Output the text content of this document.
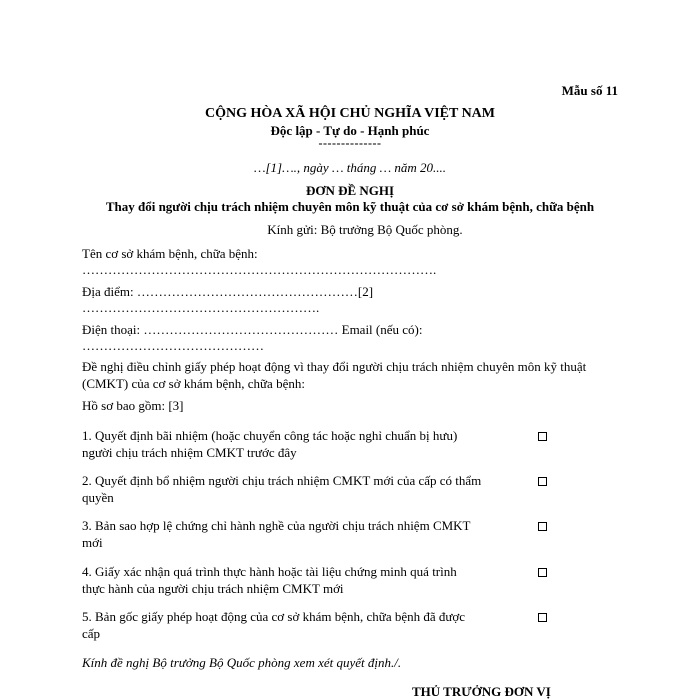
Mẫu số 11
CỘNG HÒA XÃ HỘI CHỦ NGHĨA VIỆT NAM
Độc lập - Tự do - Hạnh phúc
--------------
…[1]…., ngày … tháng … năm 20....
ĐƠN ĐỀ NGHỊ
Thay đổi người chịu trách nhiệm chuyên môn kỹ thuật của cơ sở khám bệnh, chữa bệnh
Kính gửi: Bộ trưởng Bộ Quốc phòng.
Tên cơ sở khám bệnh, chữa bệnh:
……………………………………………………………………….
Địa điểm: ……………………………………………[2]
……………………………………………….
Điện thoại: ……………………………………… Email (nếu có):
……………………………………
Đề nghị điều chỉnh giấy phép hoạt động vì thay đổi người chịu trách nhiệm chuyên môn kỹ thuật
(CMKT) của cơ sở khám bệnh, chữa bệnh:
Hồ sơ bao gồm: [3]
1. Quyết định bãi nhiệm (hoặc chuyển công tác hoặc nghỉ chuẩn bị hưu) người chịu trách nhiệm CMKT trước đây
2. Quyết định bổ nhiệm người chịu trách nhiệm CMKT mới của cấp có thẩm quyền
3. Bản sao hợp lệ chứng chỉ hành nghề của người chịu trách nhiệm CMKT mới
4. Giấy xác nhận quá trình thực hành hoặc tài liệu chứng minh quá trình thực hành của người chịu trách nhiệm CMKT mới
5. Bản gốc giấy phép hoạt động của cơ sở khám bệnh, chữa bệnh đã được cấp
Kính đề nghị Bộ trưởng Bộ Quốc phòng xem xét quyết định./.
THỦ TRƯỞNG ĐƠN VỊ
